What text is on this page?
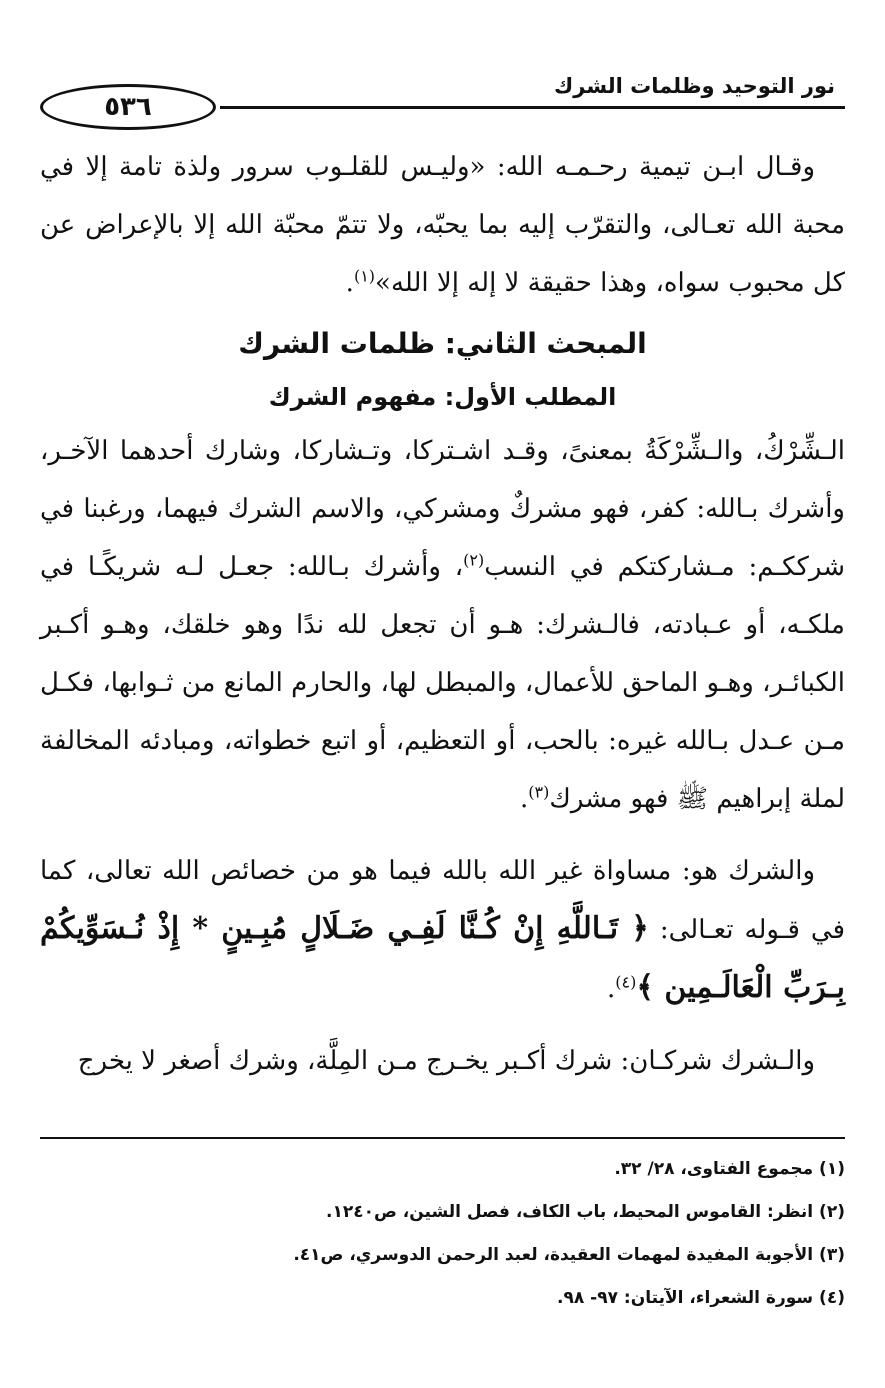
نور التوحيد وظلمات الشرك
٥٣٦

وقـال ابـن تيمية رحـمـه الله: «وليـس للقلـوب سرور ولذة تامة إلا في محبة الله تعـالى، والتقرّب إليه بما يحبّه، ولا تتمّ محبّة الله إلا بالإعراض عن كل محبوب سواه، وهذا حقيقة لا إله إلا الله»$^{(١)}$.

المبحث الثاني: ظلمات الشرك

المطلب الأول: مفهوم الشرك

الـشِّرْكُ، والـشِّرْكَةُ بمعنىً، وقـد اشـتركا، وتـشاركا، وشارك أحدهما الآخـر، وأشرك بـالله: كفر، فهو مشركٌ ومشركي، والاسم الشرك فيهما، ورغبنا في شرككـم: مـشاركتكم في النسب$^{(٢)}$، وأشرك بـالله: جعـل لـه شريكًـا في ملكـه، أو عـبادته، فالـشرك: هـو أن تجعل لله ندًا وهو خلقك، وهـو أكـبر الكبائـر، وهـو الماحق للأعمال، والمبطل لها، والحارم المانع من ثـوابها، فكـل مـن عـدل بـالله غيره: بالحب، أو التعظيم، أو اتبع خطواته، ومبادئه المخالفة لملة إبراهيم ﷺ فهو مشرك$^{(٣)}$.

والشرك هو: مساواة غير الله بالله فيما هو من خصائص الله تعالى، كما في قـوله تعـالى: ﴿ تَـاللَّهِ إِنْ كُـنَّا لَفِـي ضَـلَالٍ مُبِـينٍ * إِذْ نُـسَوِّيكُمْ بِـرَبِّ الْعَالَـمِين ﴾$^{(٤)}$.

والـشرك شركـان: شرك أكـبر يخـرج مـن المِلَّة، وشرك أصغر لا يخرج

(١) مجموع الفتاوى، ٢٨/ ٣٢.

(٢) انظر: القاموس المحيط، باب الكاف، فصل الشين، ص١٢٤٠.

(٣) الأجوبة المفيدة لمهمات العقيدة، لعبد الرحمن الدوسري، ص٤١.

(٤) سورة الشعراء، الآيتان: ٩٧- ٩٨.
